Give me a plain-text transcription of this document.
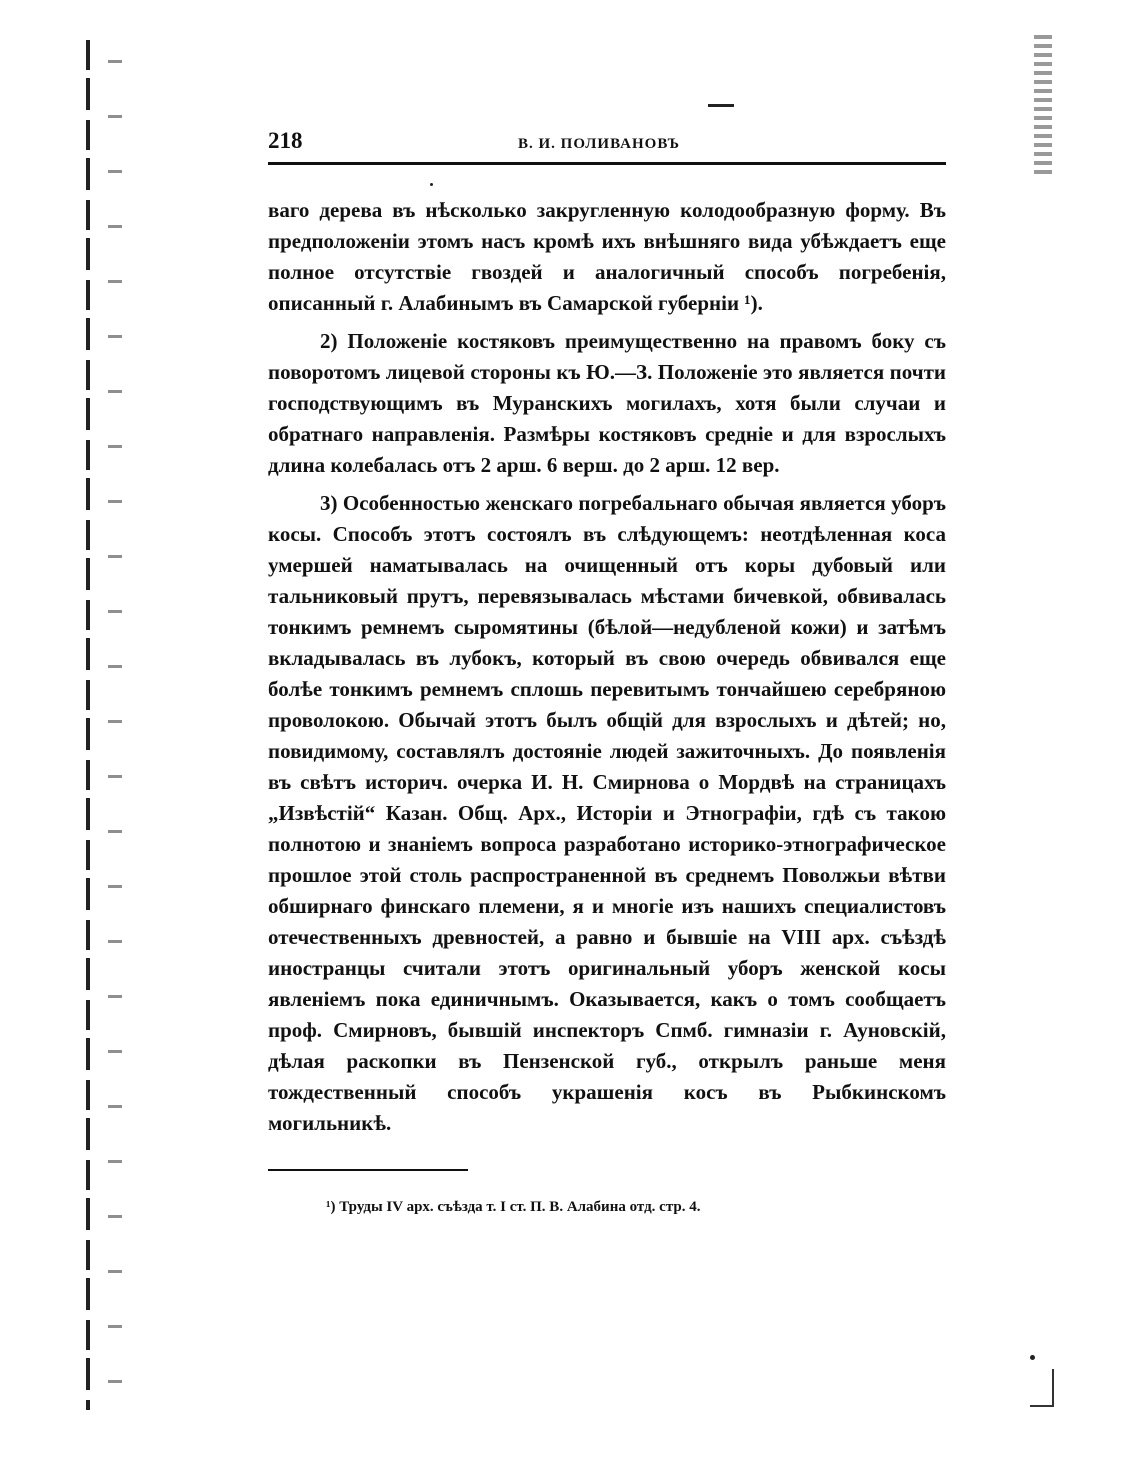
218	В. И. ПОЛИВАНОВЪ

ваго дерева въ нѣсколько закругленную колодообразную форму. Въ предположенiи этомъ насъ кромѣ ихъ внѣшняго вида убѣждаетъ еще полное отсутствiе гвоздей и аналогичный способъ погребенiя, описанный г. Алабинымъ въ Самарской губернiи ¹).

2) Положенiе костяковъ преимущественно на правомъ боку съ поворотомъ лицевой стороны къ Ю.—З. Положенiе это является почти господствующимъ въ Муранскихъ могилахъ, хотя были случаи и обратнаго направленiя. Размѣры костяковъ среднiе и для взрослыхъ длина колебалась отъ 2 арш. 6 верш. до 2 арш. 12 вер.

3) Особенностью женскаго погребальнаго обычая является уборъ косы. Способъ этотъ состоялъ въ слѣдующемъ: неотдѣленная коса умершей наматывалась на очищенный отъ коры дубовый или тальниковый прутъ, перевязывалась мѣстами бичевкой, обвивалась тонкимъ ремнемъ сыромятины (бѣлой—недубленой кожи) и затѣмъ вкладывалась въ лубокъ, который въ свою очередь обвивался еще болѣе тонкимъ ремнемъ сплошь перевитымъ тончайшею серебряною проволокою. Обычай этотъ былъ общiй для взрослыхъ и дѣтей; но, повидимому, составлялъ достоянiе людей зажиточныхъ. До появленiя въ свѣтъ историч. очерка И. Н. Смирнова о Мордвѣ на страницахъ „Извѣстiй“ Казан. Общ. Арх., Исторiи и Этнографiи, гдѣ съ такою полнотою и знанiемъ вопроса разработано историко-этнографическое прошлое этой столь распространенной въ среднемъ Поволжьи вѣтви обширнаго финскаго племени, я и многiе изъ нашихъ специалистовъ отечественныхъ древностей, а равно и бывшiе на VIII арх. съѣздѣ иностранцы считали этотъ оригинальный уборъ женской косы явленiемъ пока единичнымъ. Оказывается, какъ о томъ сообщаетъ проф. Смирновъ, бывшiй инспекторъ Спмб. гимназiи г. Ауновскiй, дѣлая раскопки въ Пензенской губ., открылъ раньше меня тождественный способъ украшенiя косъ въ Рыбкинскомъ могильникѣ.

¹) Труды IV арх. съѣзда т. I ст. П. В. Алабина отд. стр. 4.
